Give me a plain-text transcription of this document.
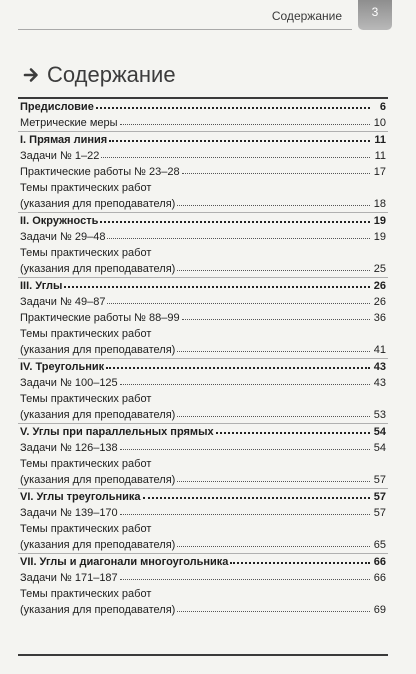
Содержание	3
Содержание
Предисловие	6
Метрические меры	10
I. Прямая линия	11
Задачи № 1–22	11
Практические работы № 23–28	17
Темы практических работ
(указания для преподавателя)	18
II. Окружность	19
Задачи № 29–48	19
Темы практических работ
(указания для преподавателя)	25
III. Углы	26
Задачи № 49–87	26
Практические работы № 88–99	36
Темы практических работ
(указания для преподавателя)	41
IV. Треугольник	43
Задачи № 100–125	43
Темы практических работ
(указания для преподавателя)	53
V. Углы при параллельных прямых	54
Задачи № 126–138	54
Темы практических работ
(указания для преподавателя)	57
VI. Углы треугольника	57
Задачи № 139–170	57
Темы практических работ
(указания для преподавателя)	65
VII. Углы и диагонали многоугольника	66
Задачи № 171–187	66
Темы практических работ
(указания для преподавателя)	69
